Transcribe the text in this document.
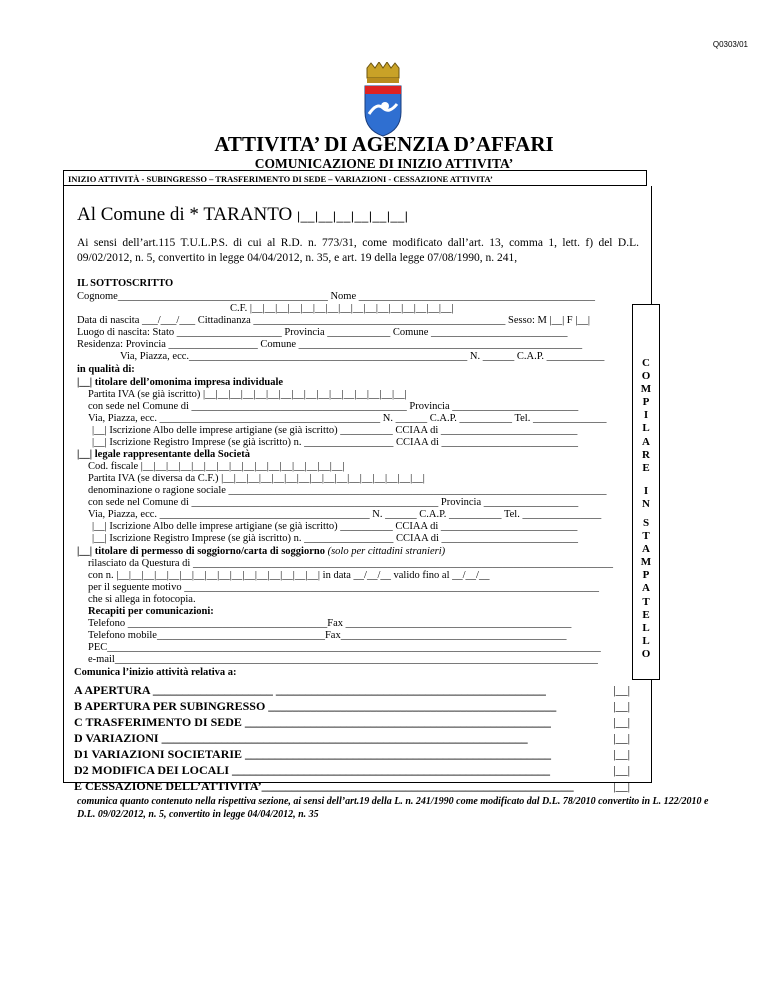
Q0303/01
ATTIVITA’ DI AGENZIA D’AFFARI
COMUNICAZIONE DI INIZIO ATTIVITA’
INIZIO ATTIVITÀ - SUBINGRESSO – TRASFERIMENTO DI SEDE – VARIAZIONI - CESSAZIONE ATTIVITA’
Al Comune di * TARANTO |__|__|__|__|__|__|
Ai sensi dell’art.115 T.U.L.P.S. di cui al R.D. n. 773/31, come modificato dall’art. 13, comma 1, lett. f) del D.L. 09/02/2012, n. 5, convertito in legge 04/04/2012, n. 35, e art. 19 della legge 07/08/1990, n. 241,
IL SOTTOSCRITTO
Cognome________________________________________ Nome _____________________________________________
C.F. |__|__|__|__|__|__|__|__|__|__|__|__|__|__|__|__|
Data di nascita ___/___/___ Cittadinanza ________________________________________________ Sesso: M |__| F |__|
Luogo di nascita: Stato ____________________ Provincia ____________ Comune __________________________
Residenza: Provincia _________________ Comune ______________________________________________________
Via, Piazza, ecc._____________________________________________________ N. ______ C.A.P. ___________
in qualità di:
|__| titolare dell’omonima impresa individuale
Partita IVA (se già iscritto) |__|__|__|__|__|__|__|__|__|__|__|__|__|__|__|__|
con sede nel Comune di _________________________________________ Provincia ________________________
Via, Piazza, ecc. __________________________________________ N. ______ C.A.P. __________ Tel. ______________
|__| Iscrizione Albo delle imprese artigiane (se già iscritto) __________ CCIAA di __________________________
|__| Iscrizione Registro Imprese (se già iscritto) n. _________________ CCIAA di __________________________
|__| legale rappresentante della Società
Cod. fiscale |__|__|__|__|__|__|__|__|__|__|__|__|__|__|__|__|
Partita IVA (se diversa da C.F.) |__|__|__|__|__|__|__|__|__|__|__|__|__|__|__|__|
denominazione o ragione sociale ________________________________________________________________________
con sede nel Comune di _______________________________________________ Provincia __________________
Via, Piazza, ecc. ________________________________________ N. ______ C.A.P. __________ Tel. _______________
|__| Iscrizione Albo delle imprese artigiane (se già iscritto) __________ CCIAA di __________________________
|__| Iscrizione Registro Imprese (se già iscritto) n. _________________ CCIAA di __________________________
|__| titolare di permesso di soggiorno/carta di soggiorno (solo per cittadini stranieri)
rilasciato da Questura di ________________________________________________________________________________
con n. |__|__|__|__|__|__|__|__|__|__|__|__|__|__|__|__| in data __/__/__ valido fino al __/__/__
per il seguente motivo _______________________________________________________________________________
che si allega in fotocopia.
Recapiti per comunicazioni:
Telefono ______________________________________Fax ___________________________________________
Telefono mobile________________________________Fax___________________________________________
PEC______________________________________________________________________________________________
e-mail____________________________________________________________________________________________
C
O
M
P
I
L
A
R
E
I
N
S
T
A
M
P
A
T
E
L
L
O
Comunica l’inizio attività relativa a:
A APERTURA ____________________ _____________________________________________	|__|
B APERTURA PER SUBINGRESSO ________________________________________________	|__|
C TRASFERIMENTO DI SEDE ___________________________________________________	|__|
D VARIAZIONI _____________________________________________________________	|__|
D1 VARIAZIONI SOCIETARIE ___________________________________________________	|__|
D2 MODIFICA DEI LOCALI _____________________________________________________	|__|
E CESSAZIONE DELL’ATTIVITA’____________________________________________________	|__|
comunica quanto contenuto nella rispettiva sezione, ai sensi dell’art.19 della L. n. 241/1990 come modificato dal D.L. 78/2010 convertito in L. 122/2010 e D.L. 09/02/2012, n. 5, convertito in legge 04/04/2012, n. 35
